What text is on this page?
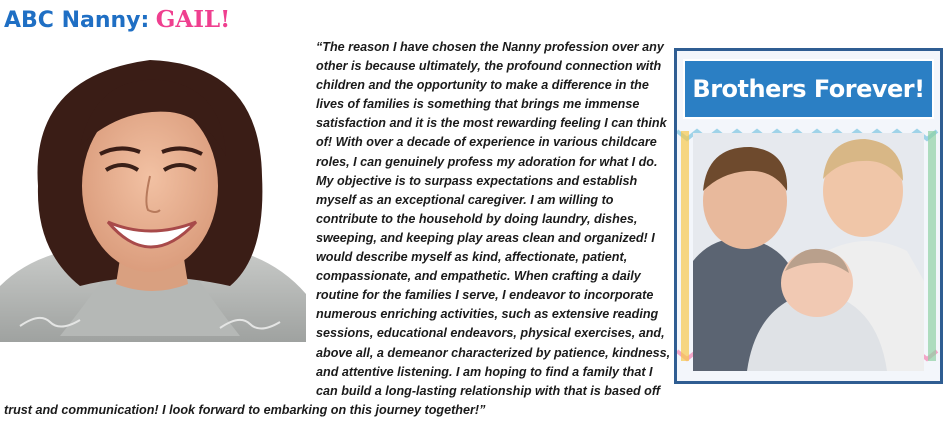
ABC Nanny: GAIL!

“The reason I have chosen the Nanny profession over any other is because ultimately, the profound connection with children and the opportunity to make a difference in the lives of families is something that brings me immense satisfaction and it is the most rewarding feeling I can think of! With over a decade of experience in various childcare roles, I can genuinely profess my adoration for what I do. My objective is to surpass expectations and establish myself as an exceptional caregiver. I am willing to contribute to the household by doing laundry, dishes, sweeping, and keeping play areas clean and organized! I would describe myself as kind, affectionate, patient, compassionate, and empathetic. When crafting a daily routine for the families I serve, I endeavor to incorporate numerous enriching activities, such as extensive reading sessions, educational endeavors, physical exercises, and, above all, a demeanor characterized by patience, kindness, and attentive listening. I am hoping to find a family that I can build a long-lasting relationship with that is based off trust and communication! I look forward to embarking on this journey together!”

Brothers Forever!
